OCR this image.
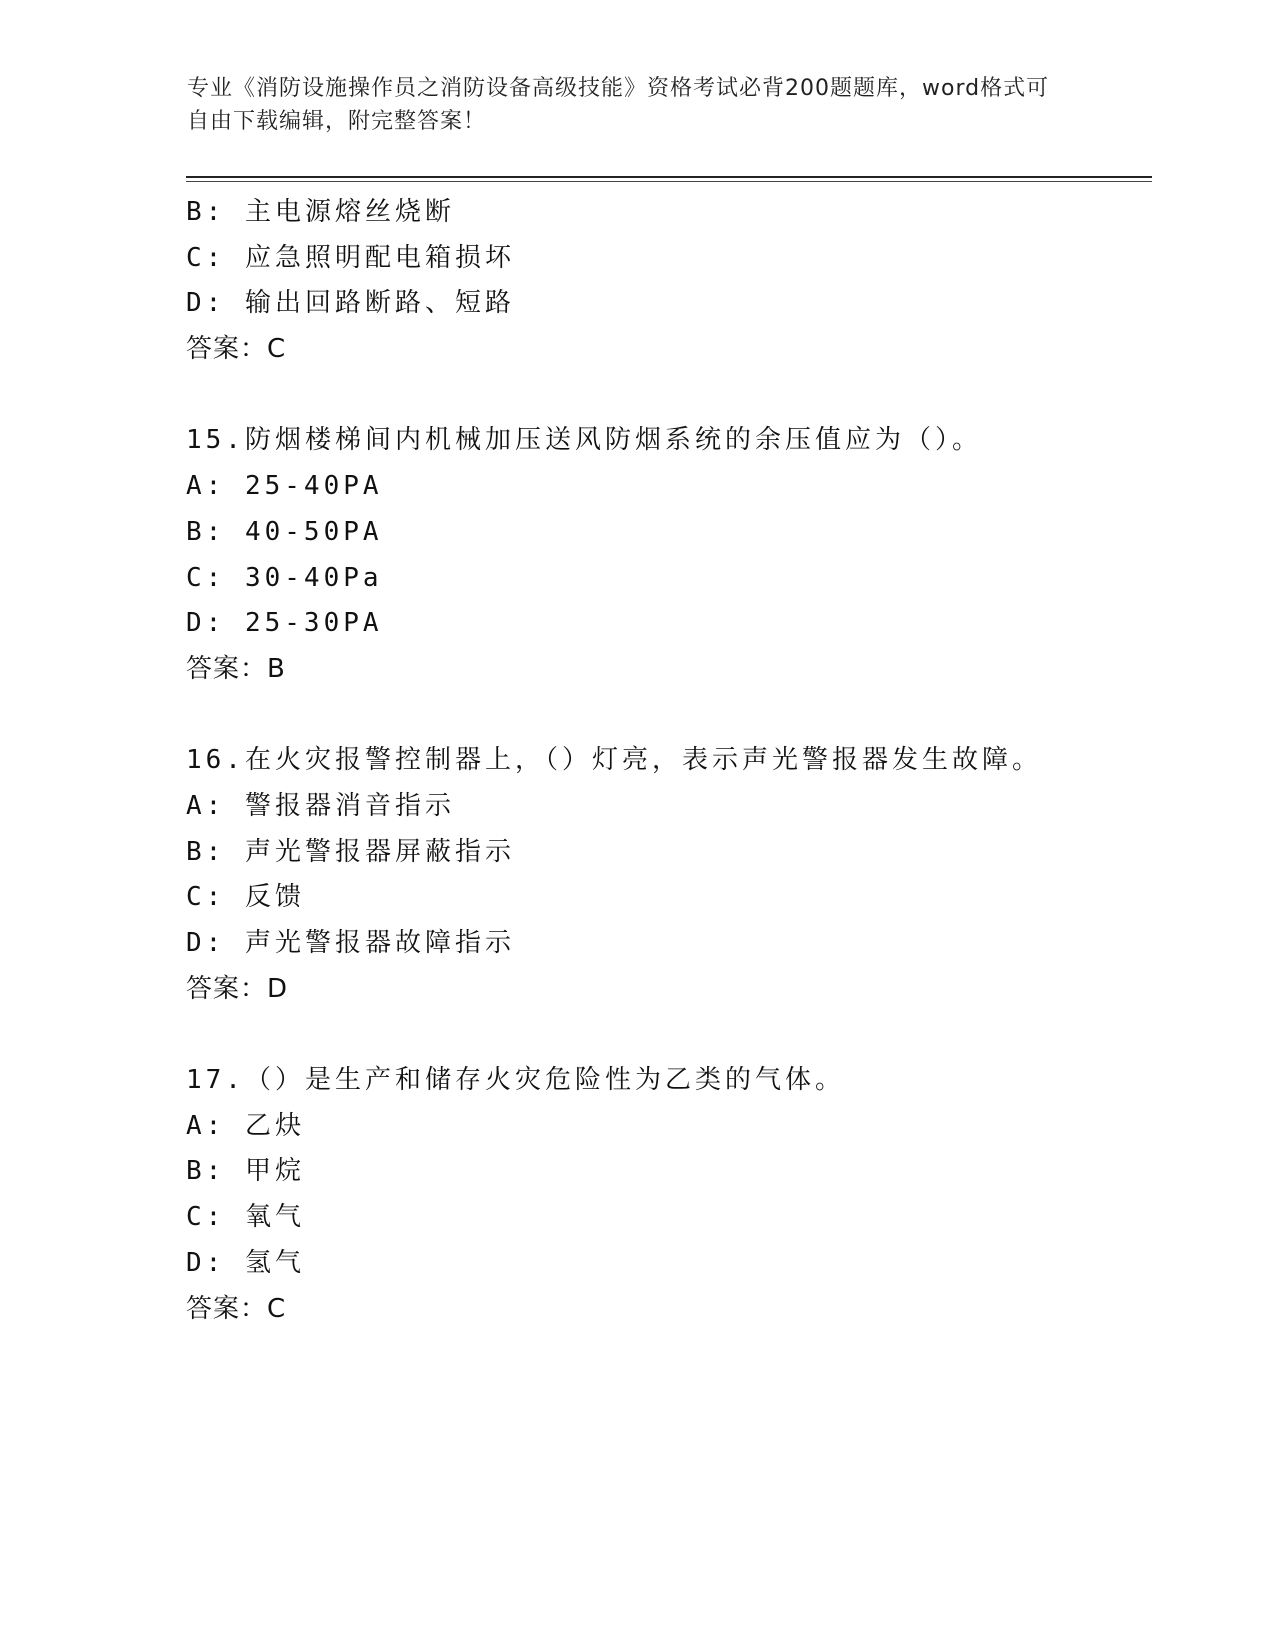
专业《消防设施操作员之消防设备高级技能》资格考试必背200题题库，word格式可自由下载编辑，附完整答案！
B: 主电源熔丝烧断
C: 应急照明配电箱损坏
D: 输出回路断路、短路
答案：C
15.防烟楼梯间内机械加压送风防烟系统的余压值应为（）。
A: 25-40PA
B: 40-50PA
C: 30-40Pa
D: 25-30PA
答案：B
16.在火灾报警控制器上，（）灯亮，表示声光警报器发生故障。
A: 警报器消音指示
B: 声光警报器屏蔽指示
C: 反馈
D: 声光警报器故障指示
答案：D
17.（）是生产和储存火灾危险性为乙类的气体。
A: 乙炔
B: 甲烷
C: 氧气
D: 氢气
答案：C
